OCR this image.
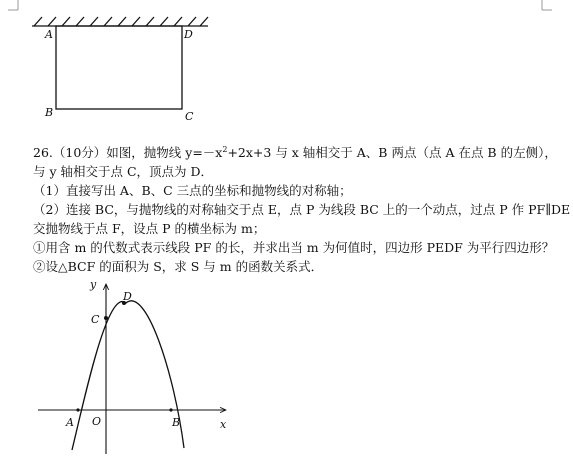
A	D
B	C
26.（10分）如图，抛物线 $y=-x^2+2x+3$ 与 x 轴相交于 A、B 两点（点 A 在点 B 的左侧），
与 y 轴相交于点 C，顶点为 D．
（1）直接写出 A、B、C 三点的坐标和抛物线的对称轴；
（2）连接 BC，与抛物线的对称轴交于点 E，点 P 为线段 BC 上的一个动点，过点 P 作 PF∥DE
交抛物线于点 F，设点 P 的横坐标为 m；
①用含 m 的代数式表示线段 PF 的长，并求出当 m 为何值时，四边形 PEDF 为平行四边形？
②设△BCF 的面积为 S，求 S 与 m 的函数关系式．
y
x
O
C
D
A	B
